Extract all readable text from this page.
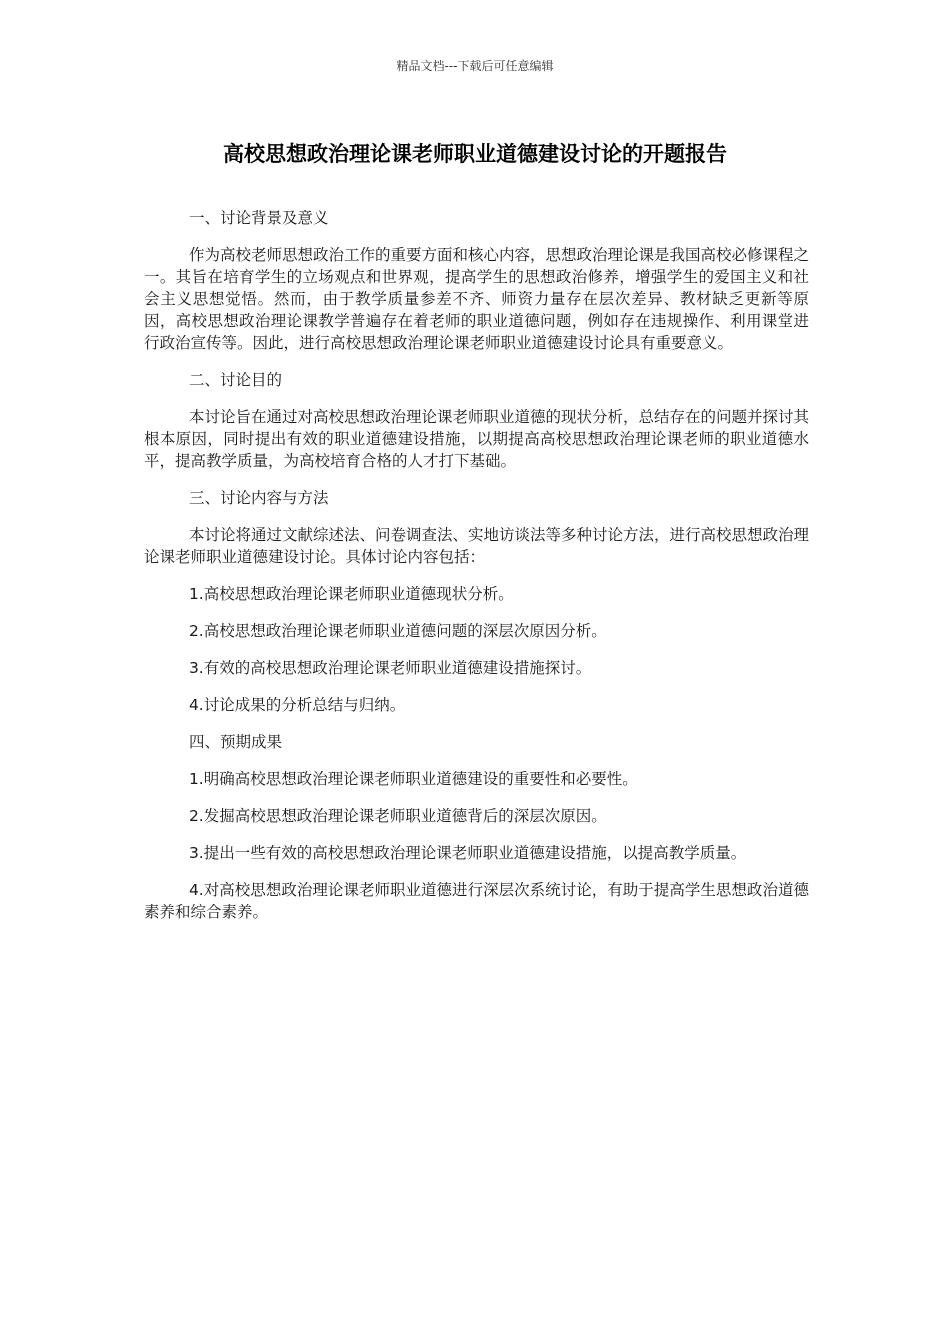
精品文档---下载后可任意编辑
高校思想政治理论课老师职业道德建设讨论的开题报告

一、讨论背景及意义

作为高校老师思想政治工作的重要方面和核心内容，思想政治理论课是我国高校必修课程之一。其旨在培育学生的立场观点和世界观，提高学生的思想政治修养，增强学生的爱国主义和社会主义思想觉悟。然而，由于教学质量参差不齐、师资力量存在层次差异、教材缺乏更新等原因，高校思想政治理论课教学普遍存在着老师的职业道德问题，例如存在违规操作、利用课堂进行政治宣传等。因此，进行高校思想政治理论课老师职业道德建设讨论具有重要意义。

二、讨论目的

本讨论旨在通过对高校思想政治理论课老师职业道德的现状分析，总结存在的问题并探讨其根本原因，同时提出有效的职业道德建设措施，以期提高高校思想政治理论课老师的职业道德水平，提高教学质量，为高校培育合格的人才打下基础。

三、讨论内容与方法

本讨论将通过文献综述法、问卷调查法、实地访谈法等多种讨论方法，进行高校思想政治理论课老师职业道德建设讨论。具体讨论内容包括：

1.高校思想政治理论课老师职业道德现状分析。

2.高校思想政治理论课老师职业道德问题的深层次原因分析。

3.有效的高校思想政治理论课老师职业道德建设措施探讨。

4.讨论成果的分析总结与归纳。

四、预期成果

1.明确高校思想政治理论课老师职业道德建设的重要性和必要性。

2.发掘高校思想政治理论课老师职业道德背后的深层次原因。

3.提出一些有效的高校思想政治理论课老师职业道德建设措施，以提高教学质量。

4.对高校思想政治理论课老师职业道德进行深层次系统讨论，有助于提高学生思想政治道德素养和综合素养。
